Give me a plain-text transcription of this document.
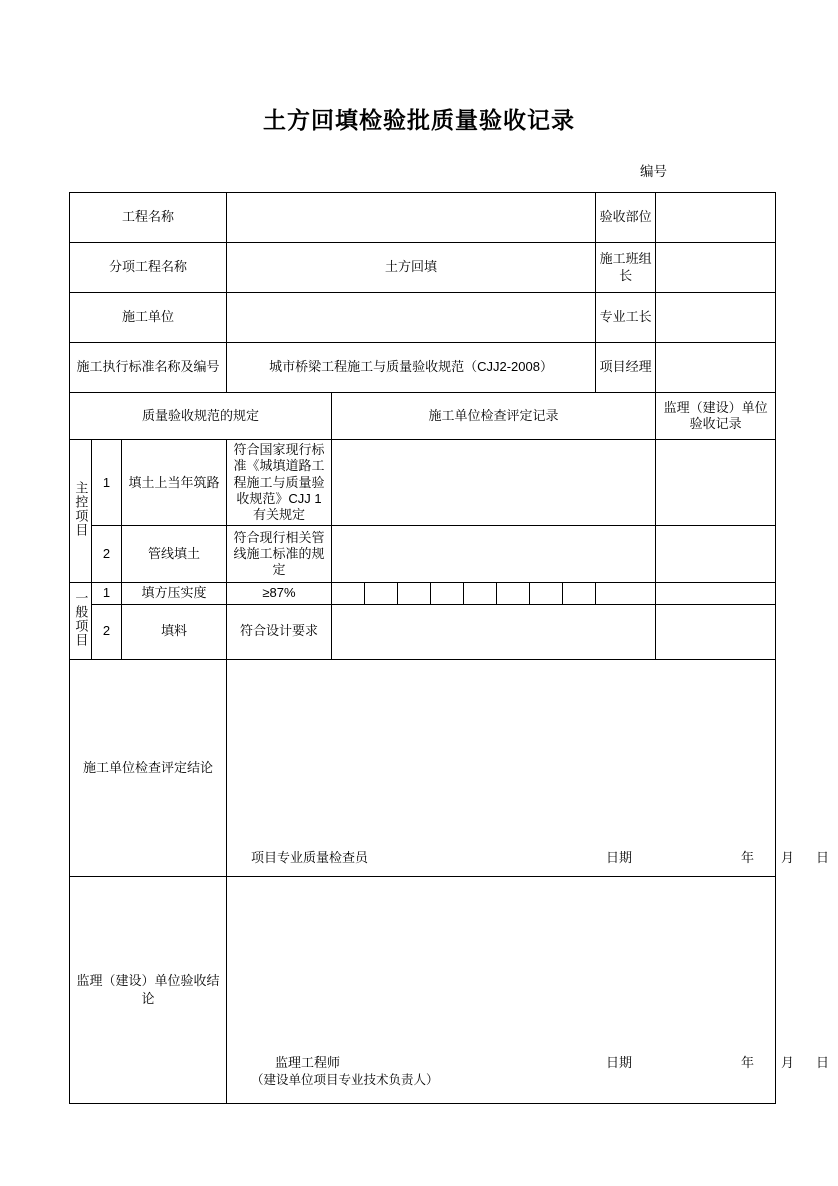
土方回填检验批质量验收记录
编号
工程名称												验收部位	
分项工程名称			土方回填									施工班组长	
施工单位												专业工长	
施工执行标准名称及编号			城市桥梁工程施工与质量验收规范（CJJ2-2008）									项目经理	
质量验收规范的规定				施工单位检查评定记录									监理（建设）单位验收记录
主控项目	1	填土上当年筑路	符合国家现行标准《城填道路工程施工与质量验收规范》CJJ 1有关规定										
	2	管线填土	符合现行相关管线施工标准的规定										
一般项目	1	填方压实度	≥87%										
	2	填料	符合设计要求										

施工单位检查评定结论			项目专业质量检查员 日期 年 月 日										

监理（建设）单位验收结论

监理工程师	日期	年 月 日
（建设单位项目专业技术负责人）
